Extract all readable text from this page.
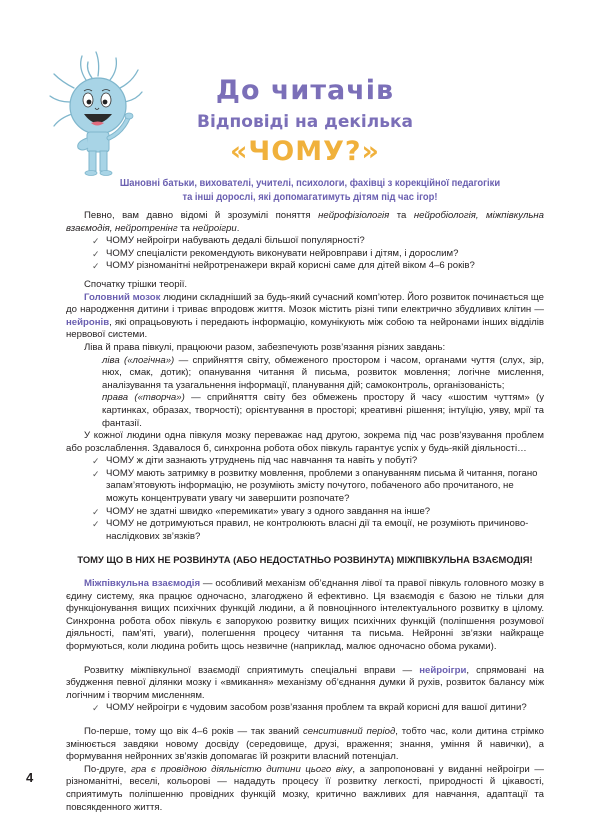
До читачів
Відповіді на декілька
«ЧОМУ?»
Шановні батьки, вихователі, учителі, психологи, фахівці з корекційної педагогіки
та інші дорослі, які допомагатимуть дітям під час ігор!

Певно, вам давно відомі й зрозумілі поняття нейрофізіологія та нейробіологія, міжпівкульна взаємодія, нейротренінг та нейроігри.

✓ ЧОМУ нейроігри набувають дедалі більшої популярності?
✓ ЧОМУ спеціалісти рекомендують виконувати нейровправи і дітям, і дорослим?
✓ ЧОМУ різноманітні нейротренажери вкрай корисні саме для дітей віком 4–6 років?

Спочатку трішки теорії.

Головний мозок людини складніший за будь-який сучасний комп’ютер. Його розвиток починається ще до народження дитини і триває впродовж життя. Мозок містить різні типи електрично збудливих клітин — нейронів, які опрацьовують і передають інформацію, комунікують між собою та нейронами інших відділів нервової системи.

Ліва й права півкулі, працюючи разом, забезпечують розв’язання різних завдань:

ліва («логічна») — сприйняття світу, обмеженого простором і часом, органами чуття (слух, зір, нюх, смак, дотик); опанування читання й письма, розвиток мовлення; логічне мислення, аналізування та узагальнення інформації, планування дій; самоконтроль, організованість;

права («творча») — сприйняття світу без обмежень простору й часу «шостим чуттям» (у картинках, образах, творчості); орієнтування в просторі; креативні рішення; інтуїцію, уяву, мрії та фантазії.

У кожної людини одна півкуля мозку переважає над другою, зокрема під час розв’язування проблем або розслаблення. Здавалося б, синхронна робота обох півкуль гарантує успіх у будь-якій діяльності…

✓ ЧОМУ ж діти зазнають утруднень під час навчання та навіть у побуті?
✓ ЧОМУ мають затримку в розвитку мовлення, проблеми з опануванням письма й читання, погано запам’ятовують інформацію, не розуміють змісту почутого, побаченого або прочитаного, не можуть концентрувати увагу чи завершити розпочате?
✓ ЧОМУ не здатні швидко «перемикати» увагу з одного завдання на інше?
✓ ЧОМУ не дотримуються правил, не контролюють власні дії та емоції, не розуміють причиново-наслідкових зв’язків?

ТОМУ ЩО В НИХ НЕ РОЗВИНУТА (АБО НЕДОСТАТНЬО РОЗВИНУТА) МІЖПІВКУЛЬНА ВЗАЄМОДІЯ!

Міжпівкульна взаємодія — особливий механізм об’єднання лівої та правої півкуль головного мозку в єдину систему, яка працює одночасно, злагоджено й ефективно. Ця взаємодія є базою не тільки для функціонування вищих психічних функцій людини, а й повноцінного інтелектуального розвитку в цілому. Синхронна робота обох півкуль є запорукою розвитку вищих психічних функцій (поліпшення розумової діяльності, пам’яті, уваги), полегшення процесу читання та письма. Нейронні зв’язки найкраще формуються, коли людина робить щось незвичне (наприклад, малює одночасно обома руками).

Розвитку міжпівкульної взаємодії сприятимуть спеціальні вправи — нейроігри, спрямовані на збудження певної ділянки мозку і «вмикання» механізму об’єднання думки й рухів, розвиток балансу між логічним і творчим мисленням.

✓ ЧОМУ нейроігри є чудовим засобом розв’язання проблем та вкрай корисні для вашої дитини?

По-перше, тому що вік 4–6 років — так званий сенситивний період, тобто час, коли дитина стрімко змінюється завдяки новому досвіду (середовище, друзі, враження; знання, уміння й навички), а формування нейронних зв’язків допомагає їй розкрити власний потенціал.

По-друге, гра є провідною діяльністю дитини цього віку, а запропоновані у виданні нейроігри — різноманітні, веселі, кольорові — нададуть процесу її розвитку легкості, природності й цікавості, сприятимуть поліпшенню провідних функцій мозку, критично важливих для навчання, адаптації та повсякденного життя.

4
